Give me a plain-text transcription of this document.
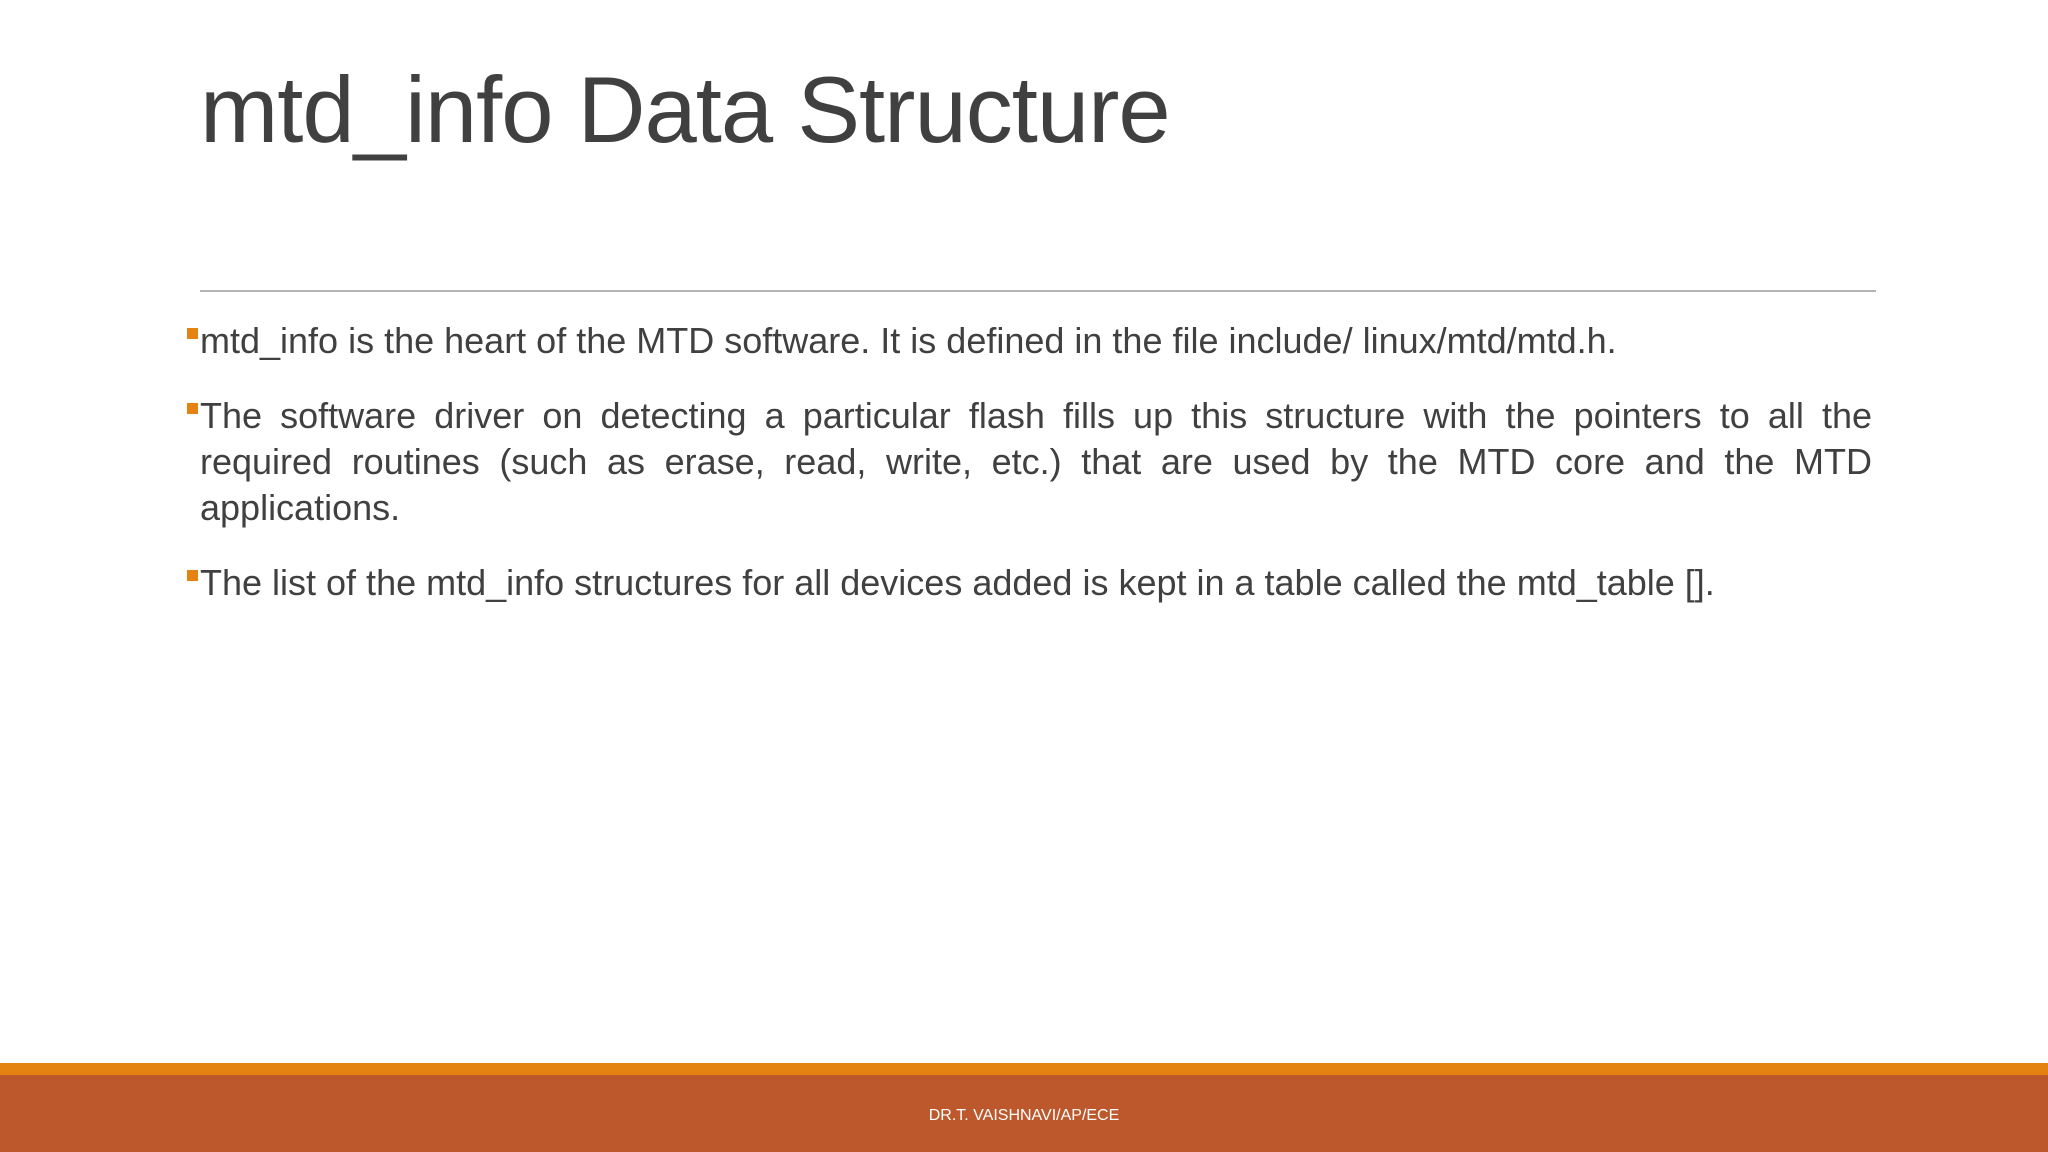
mtd_info Data Structure
mtd_info is the heart of the MTD software. It is defined in the file include/ linux/mtd/mtd.h.
The software driver on detecting a particular flash fills up this structure with the pointers to all the required routines (such as erase, read, write, etc.) that are used by the MTD core and the MTD applications.
The list of the mtd_info structures for all devices added is kept in a table called the mtd_table [].
DR.T. VAISHNAVI/AP/ECE
